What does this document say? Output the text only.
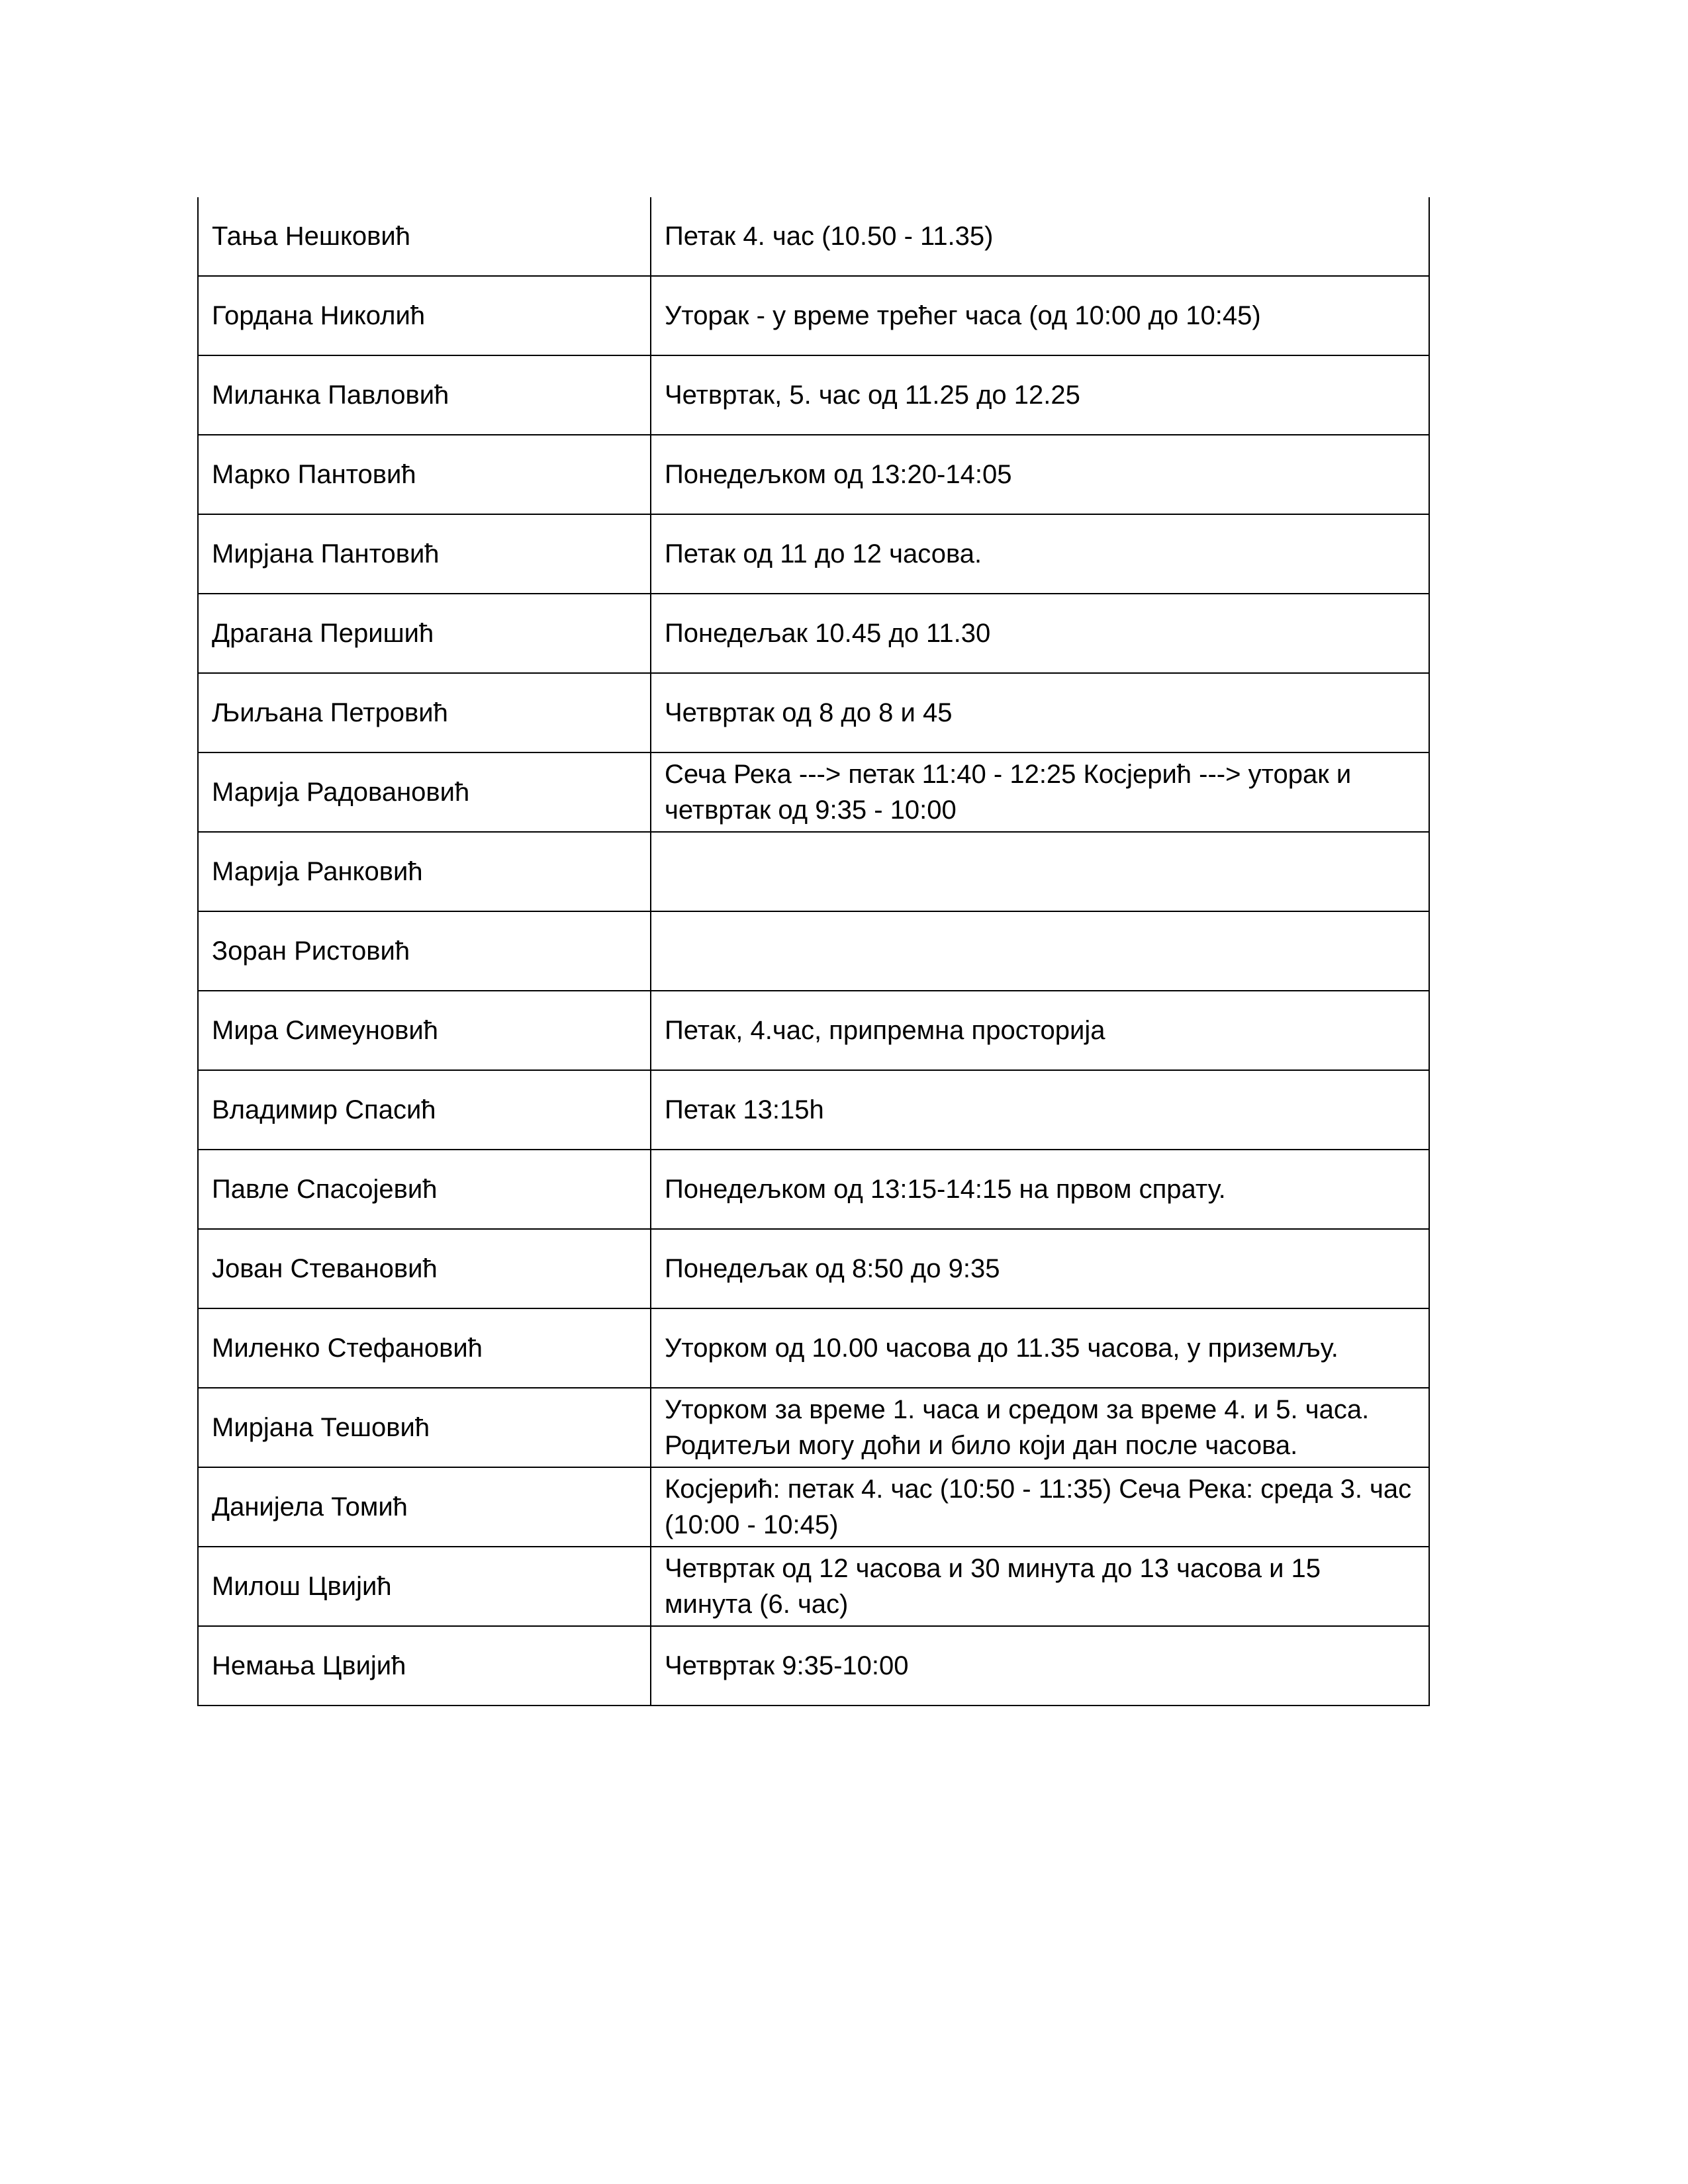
Тања Нешковић	Петак 4. час (10.50 - 11.35)
Гордана Николић	Уторак - у време трећег часа (од 10:00 до 10:45)
Миланка Павловић	Четвртак, 5. час од 11.25 до 12.25
Марко Пантовић	Понедељком од 13:20-14:05
Мирјана Пантовић	Петак од 11 до 12 часова.
Драгана Перишић	Понедељак 10.45 до 11.30
Љиљана Петровић	Четвртак од 8 до 8 и 45
Марија Радовановић	Сеча Река ---> петак 11:40 - 12:25 Косјерић ---> уторак и четвртак од 9:35 - 10:00
Марија Ранковић	
Зоран Ристовић	
Мира Симеуновић	Петак, 4.час, припремна просторија
Владимир Спасић	Петак 13:15h
Павле Спасојевић	Понедељком од 13:15-14:15 на првом спрату.
Јован Стевановић	Понедељак од 8:50 до 9:35
Миленко Стефановић	Уторком од 10.00 часова до 11.35 часова, у приземљу.
Мирјана Тешовић	Уторком за време 1. часа и средом за време 4. и 5. часа. Родитељи могу доћи и било који дан после часова.
Данијела Томић	Косјерић: петак 4. час (10:50 - 11:35) Сеча Река: среда 3. час (10:00 - 10:45)
Милош Цвијић	Четвртак од 12 часова и 30 минута до 13 часова и 15 минута (6. час)
Немања Цвијић	Четвртак 9:35-10:00
